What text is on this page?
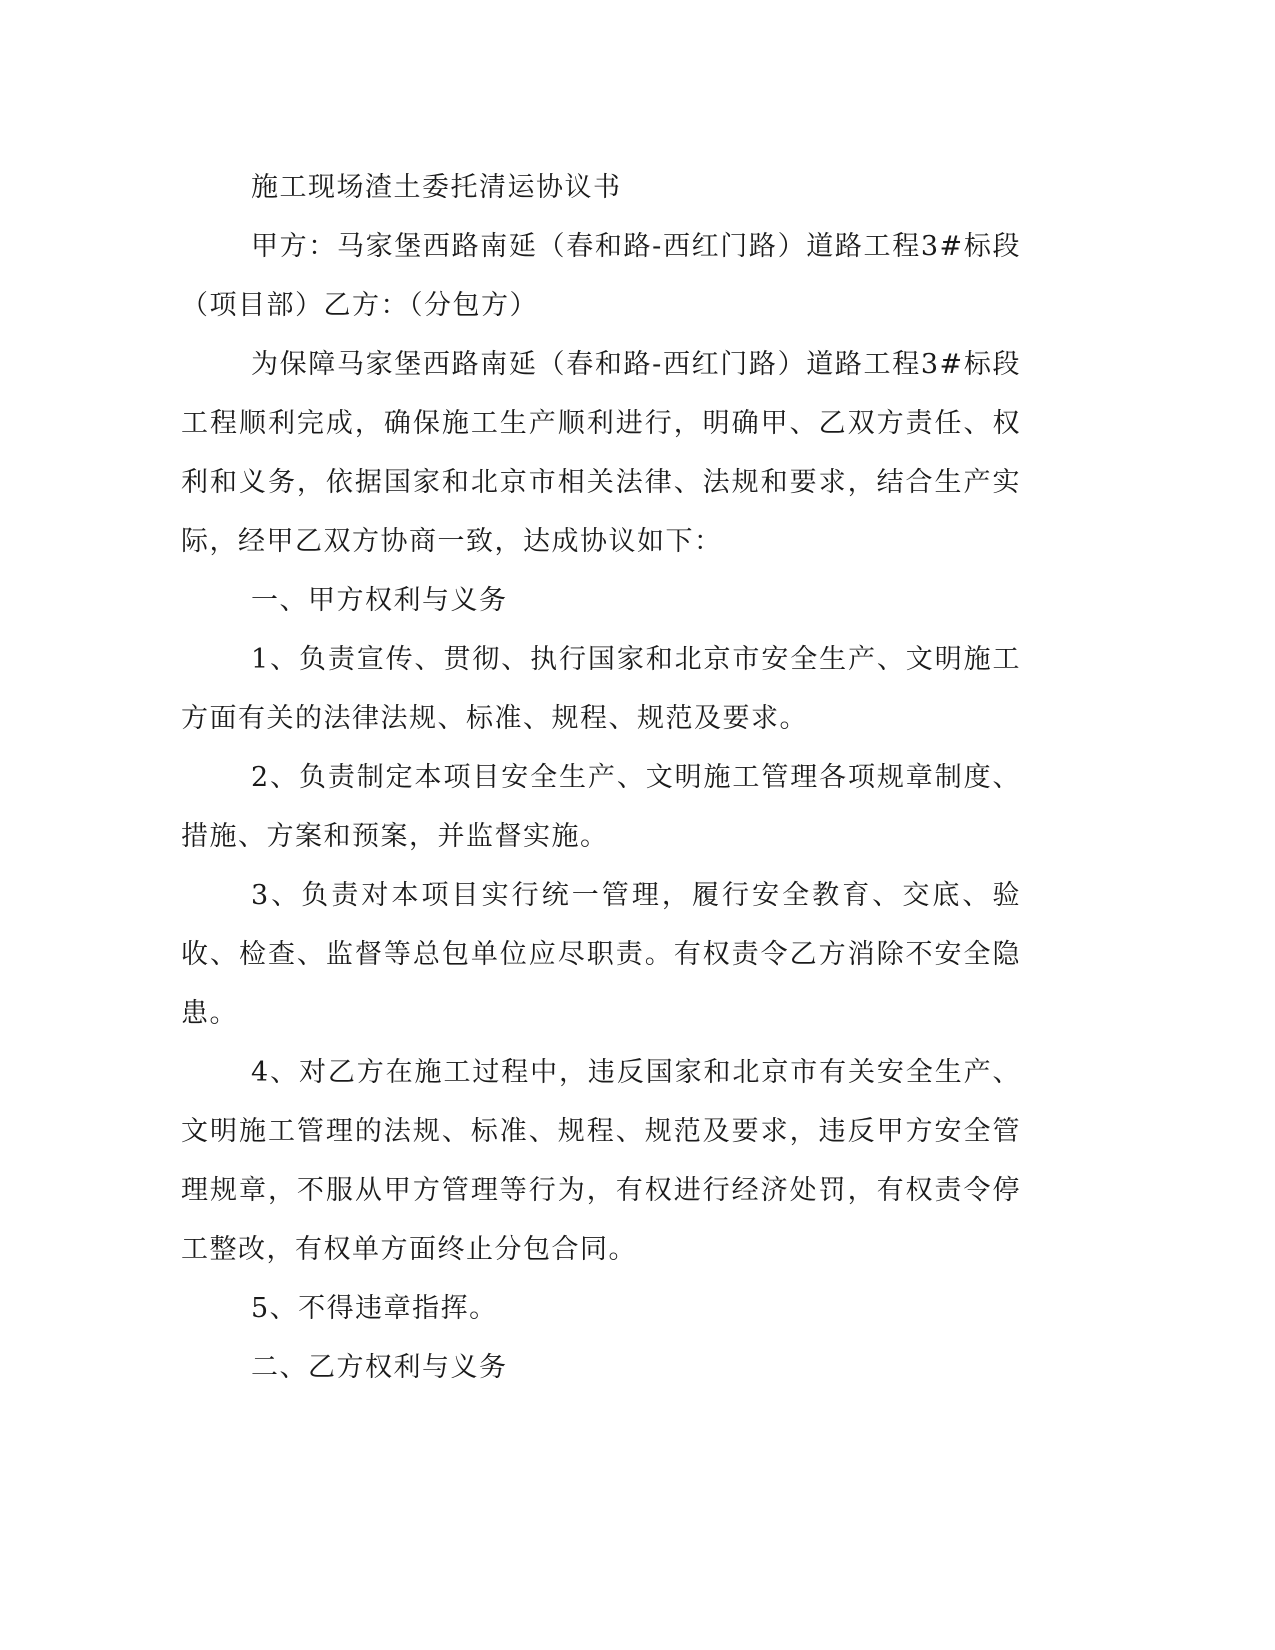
施工现场渣土委托清运协议书

甲方：马家堡西路南延（春和路-西红门路）道路工程3#标段（项目部）乙方：（分包方）

为保障马家堡西路南延（春和路-西红门路）道路工程3#标段工程顺利完成，确保施工生产顺利进行，明确甲、乙双方责任、权利和义务，依据国家和北京市相关法律、法规和要求，结合生产实际，经甲乙双方协商一致，达成协议如下：

一、甲方权利与义务

1、负责宣传、贯彻、执行国家和北京市安全生产、文明施工方面有关的法律法规、标准、规程、规范及要求。

2、负责制定本项目安全生产、文明施工管理各项规章制度、措施、方案和预案，并监督实施。

3、负责对本项目实行统一管理，履行安全教育、交底、验收、检查、监督等总包单位应尽职责。有权责令乙方消除不安全隐患。

4、对乙方在施工过程中，违反国家和北京市有关安全生产、文明施工管理的法规、标准、规程、规范及要求，违反甲方安全管理规章，不服从甲方管理等行为，有权进行经济处罚，有权责令停工整改，有权单方面终止分包合同。

5、不得违章指挥。

二、乙方权利与义务
